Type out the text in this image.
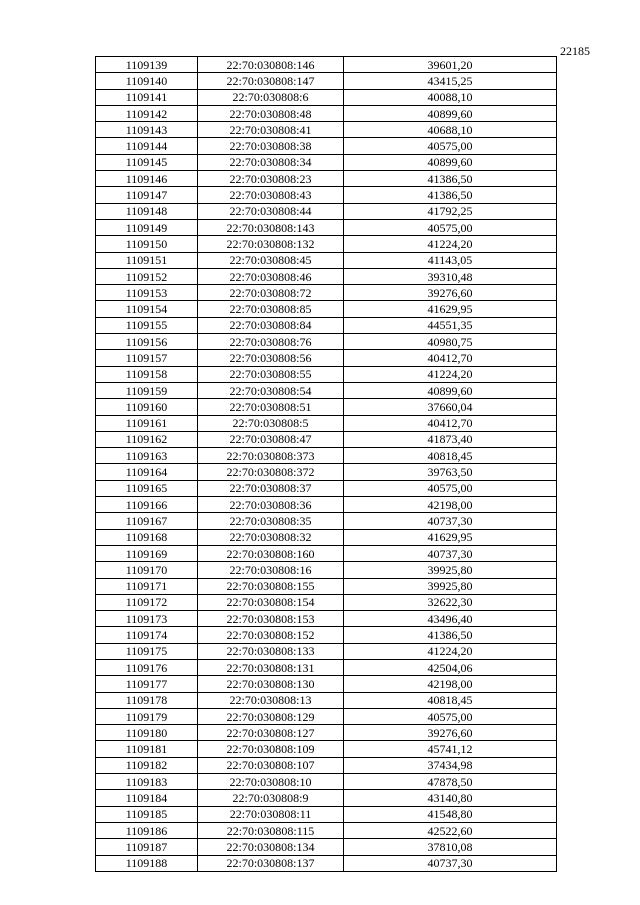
22185
1109139	22:70:030808:146	39601,20
1109140	22:70:030808:147	43415,25
1109141	22:70:030808:6	40088,10
1109142	22:70:030808:48	40899,60
1109143	22:70:030808:41	40688,10
1109144	22:70:030808:38	40575,00
1109145	22:70:030808:34	40899,60
1109146	22:70:030808:23	41386,50
1109147	22:70:030808:43	41386,50
1109148	22:70:030808:44	41792,25
1109149	22:70:030808:143	40575,00
1109150	22:70:030808:132	41224,20
1109151	22:70:030808:45	41143,05
1109152	22:70:030808:46	39310,48
1109153	22:70:030808:72	39276,60
1109154	22:70:030808:85	41629,95
1109155	22:70:030808:84	44551,35
1109156	22:70:030808:76	40980,75
1109157	22:70:030808:56	40412,70
1109158	22:70:030808:55	41224,20
1109159	22:70:030808:54	40899,60
1109160	22:70:030808:51	37660,04
1109161	22:70:030808:5	40412,70
1109162	22:70:030808:47	41873,40
1109163	22:70:030808:373	40818,45
1109164	22:70:030808:372	39763,50
1109165	22:70:030808:37	40575,00
1109166	22:70:030808:36	42198,00
1109167	22:70:030808:35	40737,30
1109168	22:70:030808:32	41629,95
1109169	22:70:030808:160	40737,30
1109170	22:70:030808:16	39925,80
1109171	22:70:030808:155	39925,80
1109172	22:70:030808:154	32622,30
1109173	22:70:030808:153	43496,40
1109174	22:70:030808:152	41386,50
1109175	22:70:030808:133	41224,20
1109176	22:70:030808:131	42504,06
1109177	22:70:030808:130	42198,00
1109178	22:70:030808:13	40818,45
1109179	22:70:030808:129	40575,00
1109180	22:70:030808:127	39276,60
1109181	22:70:030808:109	45741,12
1109182	22:70:030808:107	37434,98
1109183	22:70:030808:10	47878,50
1109184	22:70:030808:9	43140,80
1109185	22:70:030808:11	41548,80
1109186	22:70:030808:115	42522,60
1109187	22:70:030808:134	37810,08
1109188	22:70:030808:137	40737,30
